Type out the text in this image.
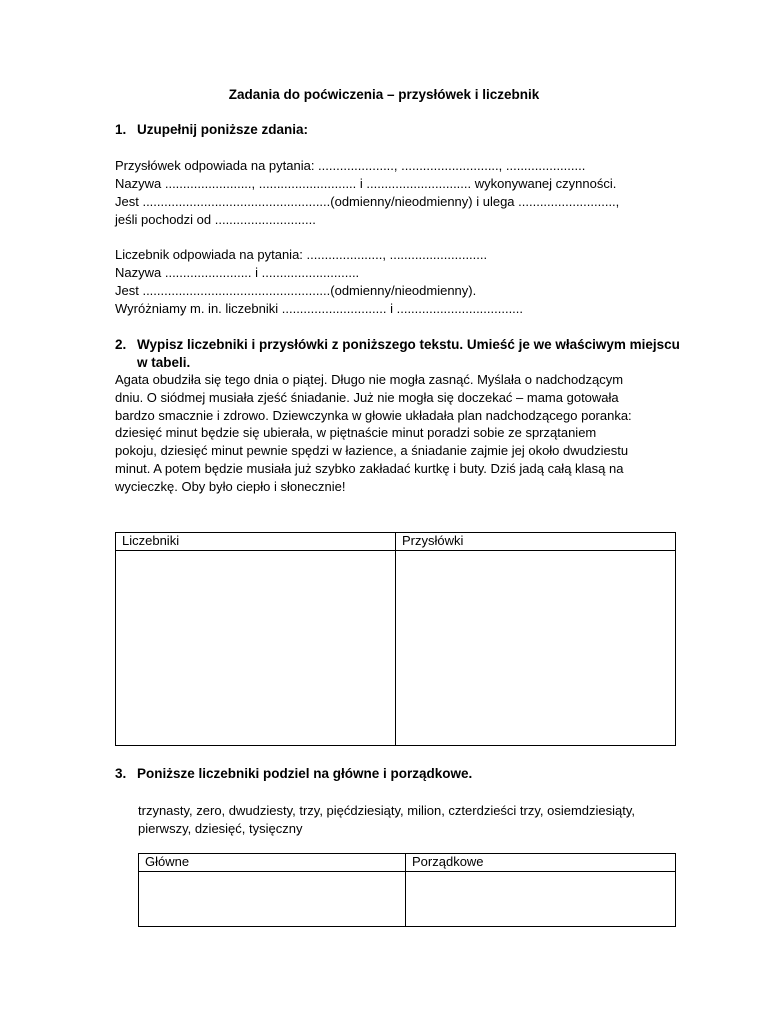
Zadania do poćwiczenia – przysłówek i liczebnik
1. Uzupełnij poniższe zdania:
Przysłówek odpowiada na pytania: ....................., ..........................., ......................
Nazywa ........................, ........................... i ............................. wykonywanej czynności.
Jest ....................................................(odmienny/nieodmienny) i ulega ...........................,
jeśli pochodzi od ............................
Liczebnik odpowiada na pytania: ....................., ...........................
Nazywa ........................ i ...........................
Jest ....................................................(odmienny/nieodmienny).
Wyróżniamy m. in. liczebniki ............................. i ...................................
2. Wypisz liczebniki i przysłówki z poniższego tekstu. Umieść je we właściwym miejscu
w tabeli.

Agata obudziła się tego dnia o piątej. Długo nie mogła zasnąć. Myślała o nadchodzącym

dniu. O siódmej musiała zjeść śniadanie. Już nie mogła się doczekać – mama gotowała

bardzo smacznie i zdrowo. Dziewczynka w głowie układała plan nadchodzącego poranka:

dziesięć minut będzie się ubierała, w piętnaście minut poradzi sobie ze sprzątaniem

pokoju, dziesięć minut pewnie spędzi w łazience, a śniadanie zajmie jej około dwudziestu

minut. A potem będzie musiała już szybko zakładać kurtkę i buty. Dziś jadą całą klasą na

wycieczkę. Oby było ciepło i słonecznie!

Liczebniki	Przysłówki

3. Poniższe liczebniki podziel na główne i porządkowe.
trzynasty, zero, dwudziesty, trzy, pięćdziesiąty, milion, czterdzieści trzy, osiemdziesiąty,
pierwszy, dziesięć, tysięczny
Główne	Porządkowe
